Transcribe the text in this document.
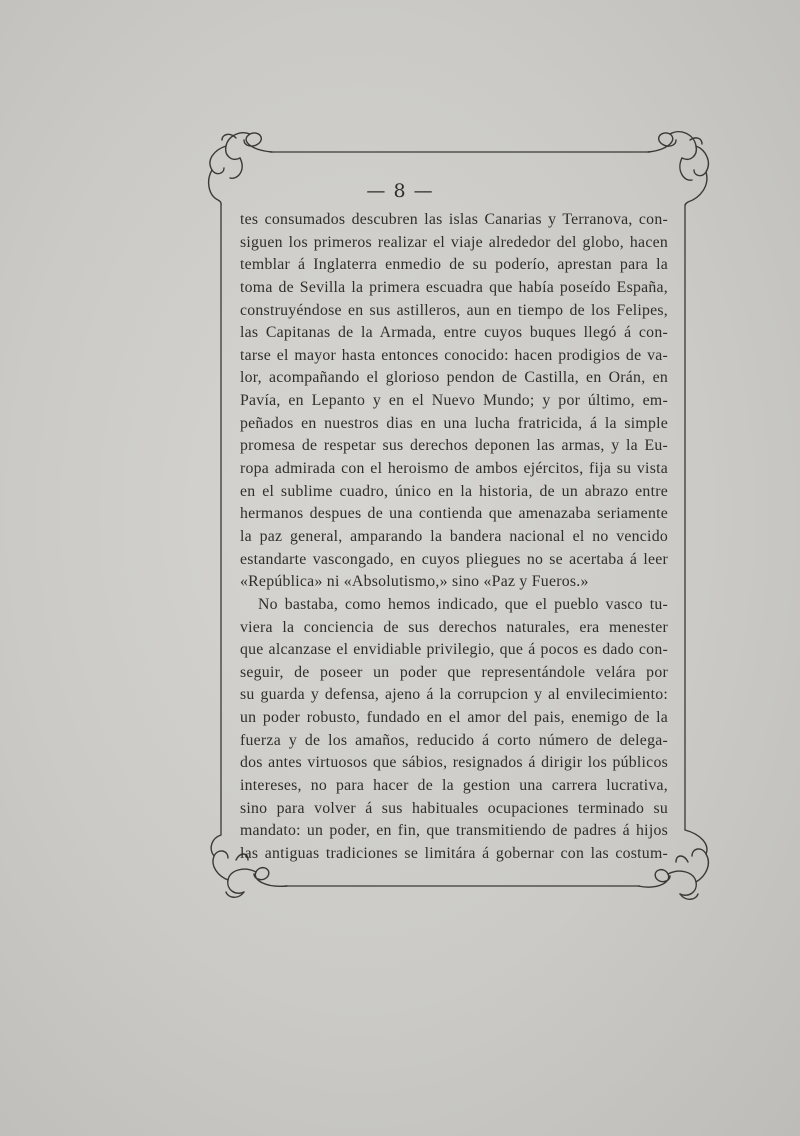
— 8 —
tes consumados descubren las islas Canarias y Terranova, con-
siguen los primeros realizar el viaje alrededor del globo, hacen
temblar á Inglaterra enmedio de su poderío, aprestan para la
toma de Sevilla la primera escuadra que había poseído España,
construyéndose en sus astilleros, aun en tiempo de los Felipes,
las Capitanas de la Armada, entre cuyos buques llegó á con-
tarse el mayor hasta entonces conocido: hacen prodigios de va-
lor, acompañando el glorioso pendon de Castilla, en Orán, en
Pavía, en Lepanto y en el Nuevo Mundo; y por último, em-
peñados en nuestros dias en una lucha fratricida, á la simple
promesa de respetar sus derechos deponen las armas, y la Eu-
ropa admirada con el heroismo de ambos ejércitos, fija su vista
en el sublime cuadro, único en la historia, de un abrazo entre
hermanos despues de una contienda que amenazaba seriamente
la paz general, amparando la bandera nacional el no vencido
estandarte vascongado, en cuyos pliegues no se acertaba á leer
«República» ni «Absolutismo,» sino «Paz y Fueros.»
No bastaba, como hemos indicado, que el pueblo vasco tu-
viera la conciencia de sus derechos naturales, era menester
que alcanzase el envidiable privilegio, que á pocos es dado con-
seguir, de poseer un poder que representándole velára por
su guarda y defensa, ajeno á la corrupcion y al envilecimiento:
un poder robusto, fundado en el amor del pais, enemigo de la
fuerza y de los amaños, reducido á corto número de delega-
dos antes virtuosos que sábios, resignados á dirigir los públicos
intereses, no para hacer de la gestion una carrera lucrativa,
sino para volver á sus habituales ocupaciones terminado su
mandato: un poder, en fin, que transmitiendo de padres á hijos
las antiguas tradiciones se limitára á gobernar con las costum-
